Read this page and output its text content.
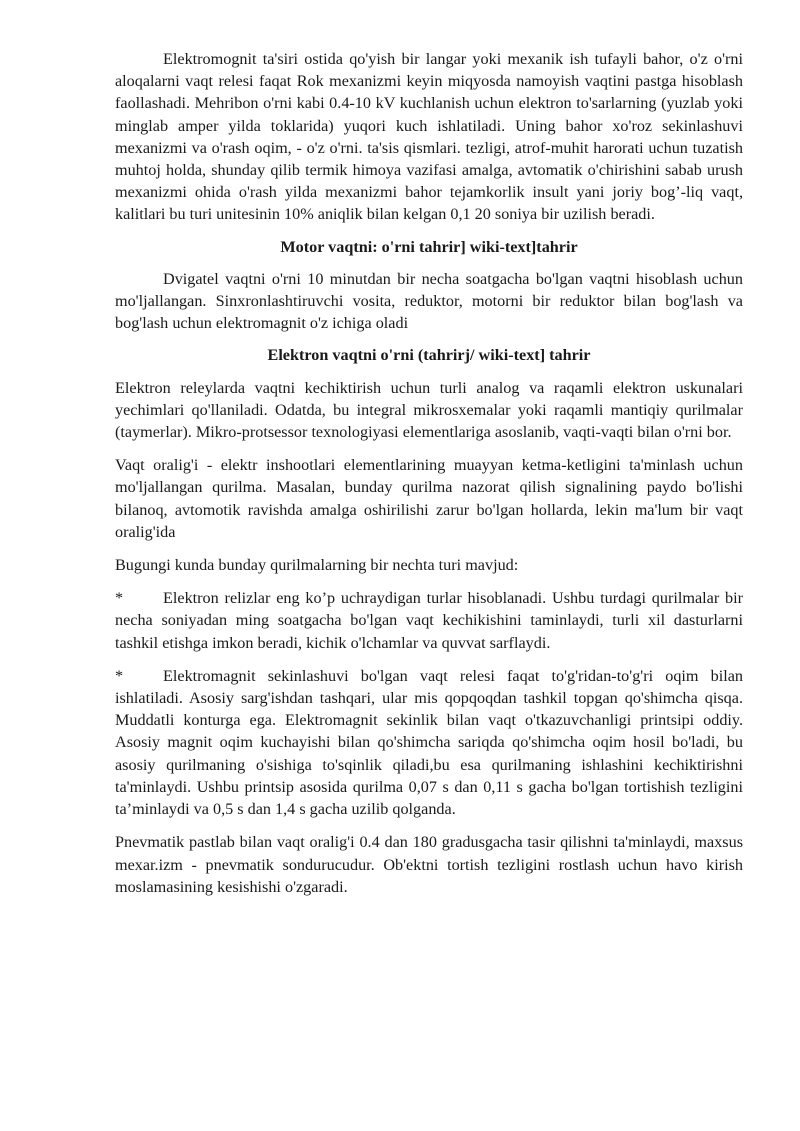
Elektromognit ta'siri ostida qo'yish bir langar yoki mexanik ish tufayli bahor, o'z o'rni aloqalarni vaqt relesi faqat Rok mexanizmi keyin miqyosda namoyish vaqtini pastga hisoblash faollashadi. Mehribon o'rni kabi 0.4-10 kV kuchlanish uchun elektron to'sarlarning (yuzlab yoki minglab amper yilda toklarida) yuqori kuch ishlatiladi. Uning bahor xo'roz sekinlashuvi mexanizmi va o'rash oqim, - o'z o'rni. ta'sis qismlari. tezligi, atrof-muhit harorati uchun tuzatish muhtoj holda, shunday qilib termik himoya vazifasi amalga, avtomatik o'chirishini sabab urush mexanizmi ohida o'rash yilda mexanizmi bahor tejamkorlik insult yani joriy bog’-liq vaqt, kalitlari bu turi unitesinin 10% aniqlik bilan kelgan 0,1 20 soniya bir uzilish beradi.

Motor vaqtni: o'rni tahrir] wiki-text]tahrir

Dvigatel vaqtni o'rni 10 minutdan bir necha soatgacha bo'lgan vaqtni hisoblash uchun mo'ljallangan. Sinxronlashtiruvchi vosita, reduktor, motorni bir reduktor bilan bog'lash va bog'lash uchun elektromagnit o'z ichiga oladi

Elektron vaqtni o'rni (tahrirj/ wiki-text] tahrir

Elektron releylarda vaqtni kechiktirish uchun turli analog va raqamli elektron uskunalari yechimlari qo'llaniladi. Odatda, bu integral mikrosxemalar yoki raqamli mantiqiy qurilmalar (taymerlar). Mikro-protsessor texnologiyasi elementlariga asoslanib, vaqti-vaqti bilan o'rni bor.

Vaqt oralig'i - elektr inshootlari elementlarining muayyan ketma-ketligini ta'minlash uchun mo'ljallangan qurilma. Masalan, bunday qurilma nazorat qilish signalining paydo bo'lishi bilanoq, avtomotik ravishda amalga oshirilishi zarur bo'lgan hollarda, lekin ma'lum bir vaqt oralig'ida

Bugungi kunda bunday qurilmalarning bir nechta turi mavjud:

* Elektron relizlar eng ko’p uchraydigan turlar hisoblanadi. Ushbu turdagi qurilmalar bir necha soniyadan ming soatgacha bo'lgan vaqt kechikishini taminlaydi, turli xil dasturlarni tashkil etishga imkon beradi, kichik o'lchamlar va quvvat sarflaydi.

* Elektromagnit sekinlashuvi bo'lgan vaqt relesi faqat to'g'ridan-to'g'ri oqim bilan ishlatiladi. Asosiy sarg'ishdan tashqari, ular mis qopqoqdan tashkil topgan qo'shimcha qisqa. Muddatli konturga ega. Elektromagnit sekinlik bilan vaqt o'tkazuvchanligi printsipi oddiy. Asosiy magnit oqim kuchayishi bilan qo'shimcha sariqda qo'shimcha oqim hosil bo'ladi, bu asosiy qurilmaning o'sishiga to'sqinlik qiladi,bu esa qurilmaning ishlashini kechiktirishni ta'minlaydi. Ushbu printsip asosida qurilma 0,07 s dan 0,11 s gacha bo'lgan tortishish tezligini ta’minlaydi va 0,5 s dan 1,4 s gacha uzilib qolganda.

Pnevmatik pastlab bilan vaqt oralig'i 0.4 dan 180 gradusgacha tasir qilishni ta'minlaydi, maxsus mexar.izm - pnevmatik sondurucudur. Ob'ektni tortish tezligini rostlash uchun havo kirish moslamasining kesishishi o'zgaradi.
